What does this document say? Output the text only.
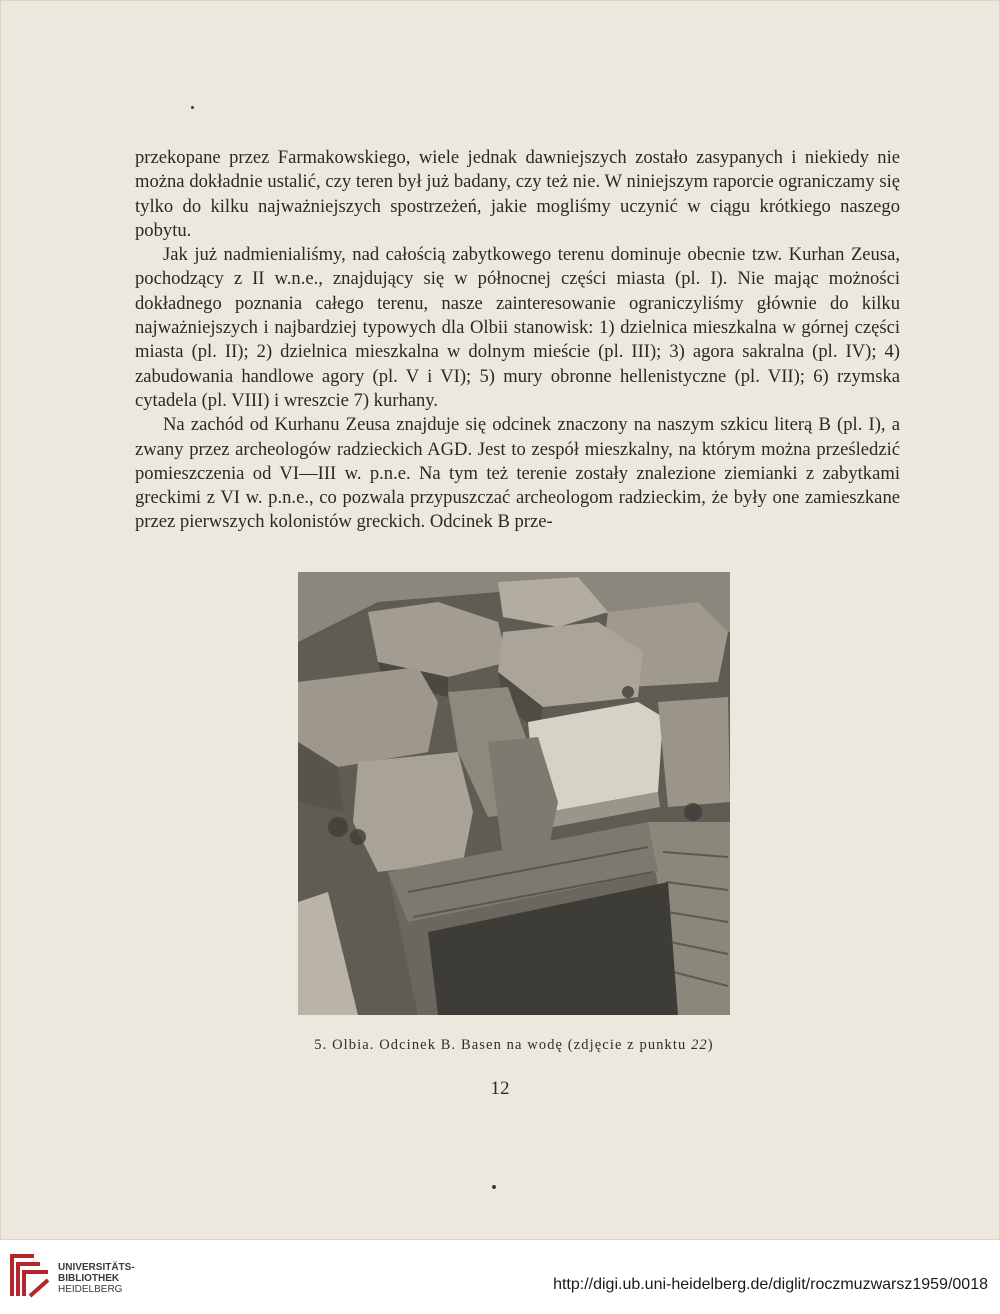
przekopane przez Farmakowskiego, wiele jednak dawniejszych zostało zasypanych i niekiedy nie można dokładnie ustalić, czy teren był już badany, czy też nie. W niniejszym raporcie ograniczamy się tylko do kilku najważniejszych spostrzeżeń, jakie mogliśmy uczynić w ciągu krótkiego naszego pobytu.

Jak już nadmienialiśmy, nad całością zabytkowego terenu dominuje obecnie tzw. Kurhan Zeusa, pochodzący z II w.n.e., znajdujący się w północnej części miasta (pl. I). Nie mając możności dokładnego poznania całego terenu, nasze zainteresowanie ograniczyliśmy głównie do kilku najważniejszych i najbardziej typowych dla Olbii stanowisk: 1) dzielnica mieszkalna w górnej części miasta (pl. II); 2) dzielnica mieszkalna w dolnym mieście (pl. III); 3) agora sakralna (pl. IV); 4) zabudowania handlowe agory (pl. V i VI); 5) mury obronne hellenistyczne (pl. VII); 6) rzymska cytadela (pl. VIII) i wreszcie 7) kurhany.

Na zachód od Kurhanu Zeusa znajduje się odcinek znaczony na naszym szkicu literą B (pl. I), a zwany przez archeologów radzieckich AGD. Jest to zespół mieszkalny, na którym można prześledzić pomieszczenia od VI—III w. p.n.e. Na tym też terenie zostały znalezione ziemianki z zabytkami greckimi z VI w. p.n.e., co pozwala przypuszczać archeologom radzieckim, że były one zamieszkane przez pierwszych kolonistów greckich. Odcinek B prze-

5. Olbia. Odcinek B. Basen na wodę (zdjęcie z punktu 22)
12
UNIVERSITÄTS-
BIBLIOTHEK
HEIDELBERG	http://digi.ub.uni-heidelberg.de/diglit/roczmuzwarsz1959/0018
